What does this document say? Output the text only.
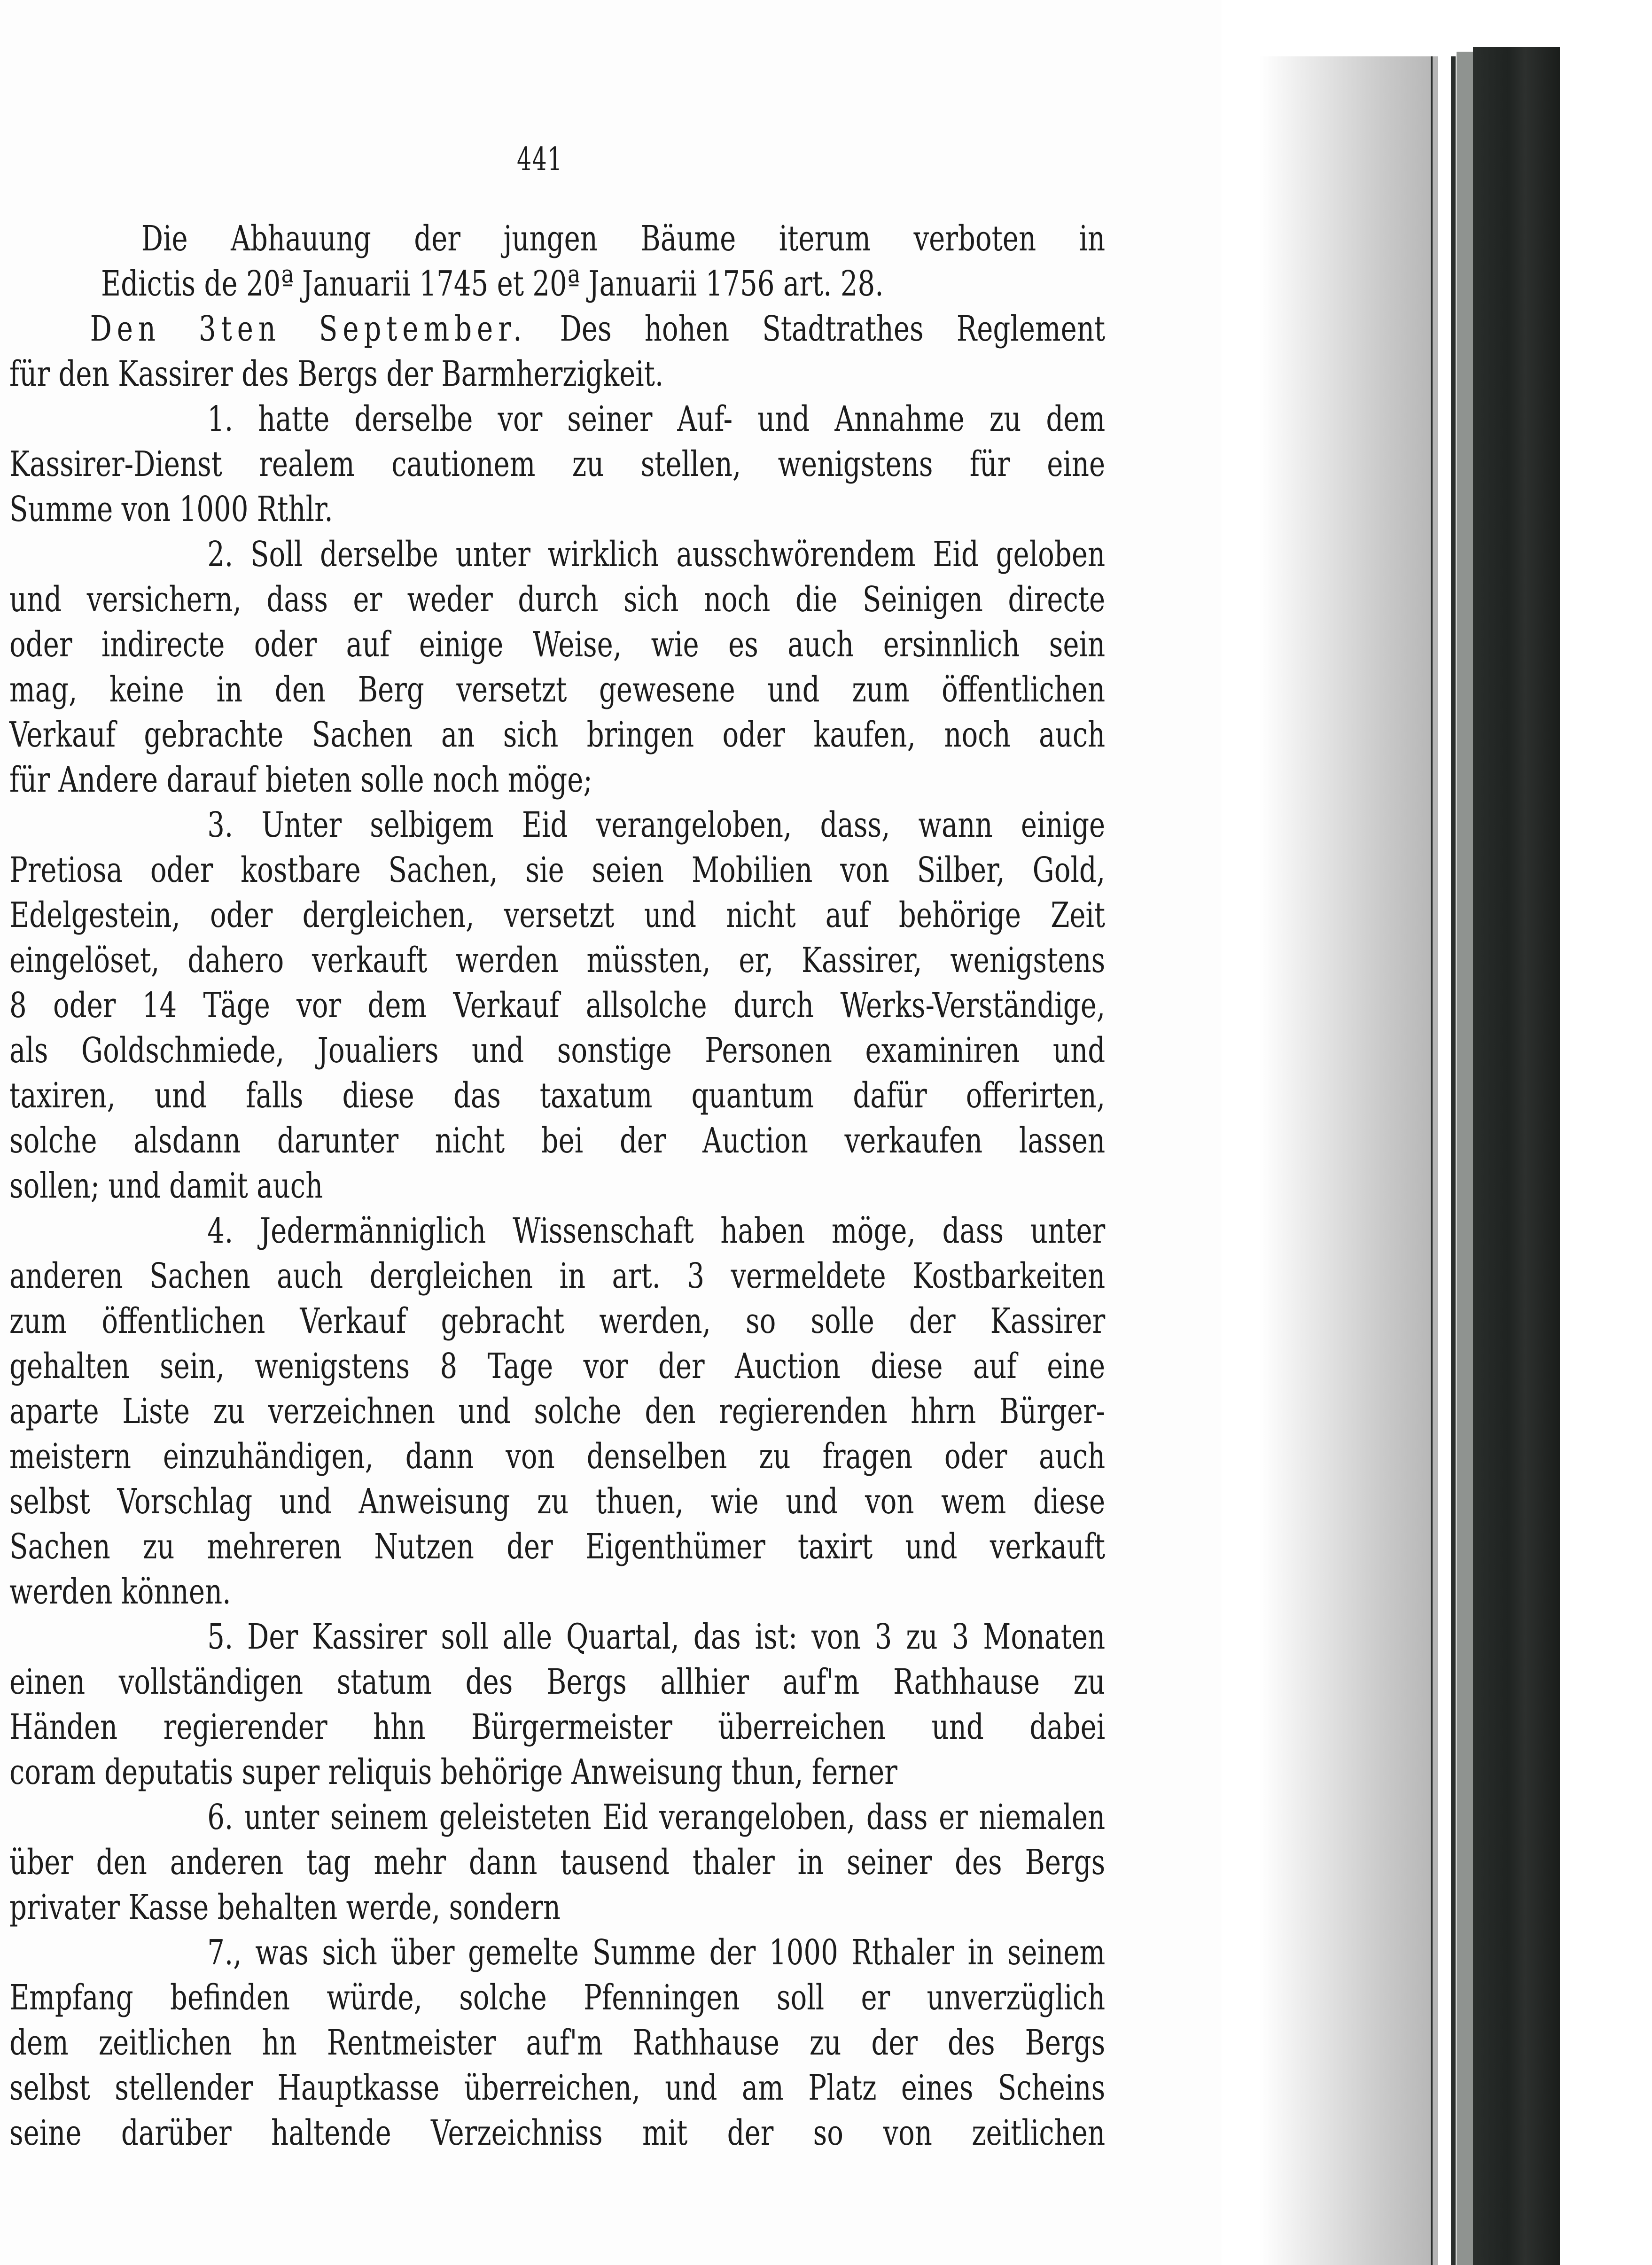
441
Die Abhauung der jungen Bäume iterum verboten in
Edictis de 20ª Januarii 1745 et 20ª Januarii 1756 art. 28.
Den 3ten September. Des hohen Stadtrathes Reglement
für den Kassirer des Bergs der Barmherzigkeit.
1. hatte derselbe vor seiner Auf- und Annahme zu dem
Kassirer-Dienst realem cautionem zu stellen, wenigstens für eine
Summe von 1000 Rthlr.
2. Soll derselbe unter wirklich ausschwörendem Eid geloben
und versichern, dass er weder durch sich noch die Seinigen directe
oder indirecte oder auf einige Weise, wie es auch ersinnlich sein
mag, keine in den Berg versetzt gewesene und zum öffentlichen
Verkauf gebrachte Sachen an sich bringen oder kaufen, noch auch
für Andere darauf bieten solle noch möge;
3. Unter selbigem Eid verangeloben, dass, wann einige
Pretiosa oder kostbare Sachen, sie seien Mobilien von Silber, Gold,
Edelgestein, oder dergleichen, versetzt und nicht auf behörige Zeit
eingelöset, dahero verkauft werden müssten, er, Kassirer, wenigstens
8 oder 14 Täge vor dem Verkauf allsolche durch Werks-Verständige,
als Goldschmiede, Joualiers und sonstige Personen examiniren und
taxiren, und falls diese das taxatum quantum dafür offerirten,
solche alsdann darunter nicht bei der Auction verkaufen lassen
sollen; und damit auch
4. Jedermänniglich Wissenschaft haben möge, dass unter
anderen Sachen auch dergleichen in art. 3 vermeldete Kostbarkeiten
zum öffentlichen Verkauf gebracht werden, so solle der Kassirer
gehalten sein, wenigstens 8 Tage vor der Auction diese auf eine
aparte Liste zu verzeichnen und solche den regierenden hhrn Bürger-
meistern einzuhändigen, dann von denselben zu fragen oder auch
selbst Vorschlag und Anweisung zu thuen, wie und von wem diese
Sachen zu mehreren Nutzen der Eigenthümer taxirt und verkauft
werden können.
5. Der Kassirer soll alle Quartal, das ist: von 3 zu 3 Monaten
einen vollständigen statum des Bergs allhier auf'm Rathhause zu
Händen regierender hhn Bürgermeister überreichen und dabei
coram deputatis super reliquis behörige Anweisung thun, ferner
6. unter seinem geleisteten Eid verangeloben, dass er niemalen
über den anderen tag mehr dann tausend thaler in seiner des Bergs
privater Kasse behalten werde, sondern
7., was sich über gemelte Summe der 1000 Rthaler in seinem
Empfang befinden würde, solche Pfenningen soll er unverzüglich
dem zeitlichen hn Rentmeister auf'm Rathhause zu der des Bergs
selbst stellender Hauptkasse überreichen, und am Platz eines Scheins
seine darüber haltende Verzeichniss mit der so von zeitlichen
